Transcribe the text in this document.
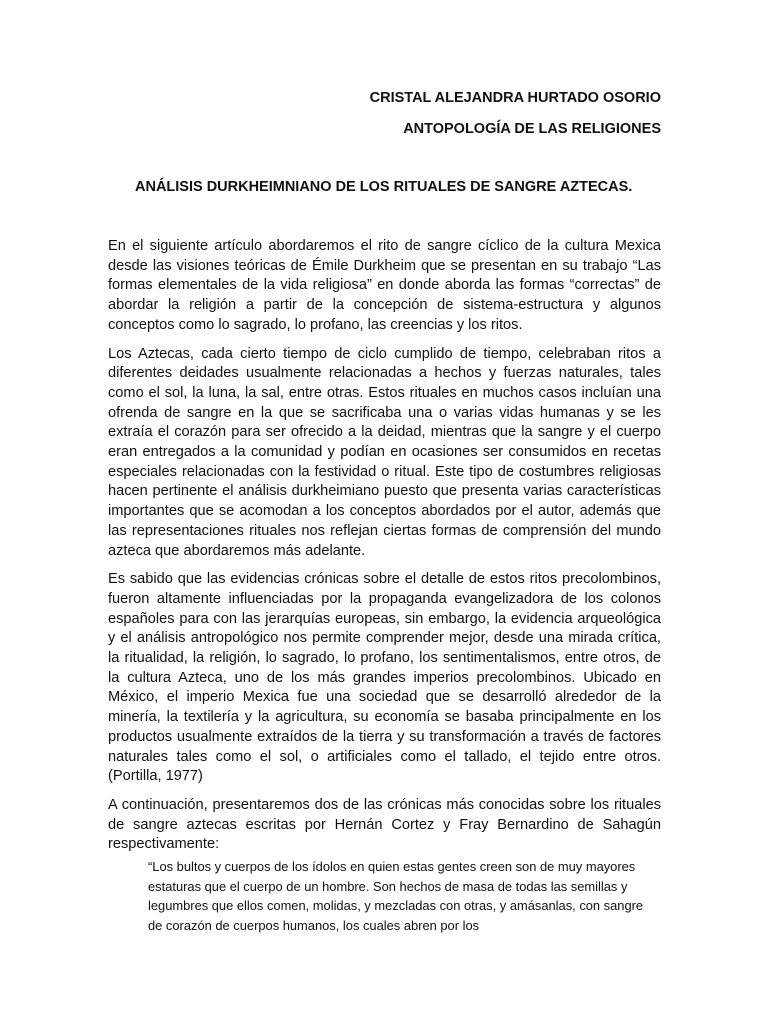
CRISTAL ALEJANDRA HURTADO OSORIO
ANTOPOLOGÍA DE LAS RELIGIONES
ANÁLISIS DURKHEIMNIANO DE LOS RITUALES DE SANGRE AZTECAS.

En el siguiente artículo abordaremos el rito de sangre cíclico de la cultura Mexica desde las visiones teóricas de Émile Durkheim que se presentan en su trabajo “Las formas elementales de la vida religiosa” en donde aborda las formas “correctas” de abordar la religión a partir de la concepción de sistema-estructura y algunos conceptos como lo sagrado, lo profano, las creencias y los ritos.

Los Aztecas, cada cierto tiempo de ciclo cumplido de tiempo, celebraban ritos a diferentes deidades usualmente relacionadas a hechos y fuerzas naturales, tales como el sol, la luna, la sal, entre otras. Estos rituales en muchos casos incluían una ofrenda de sangre en la que se sacrificaba una o varias vidas humanas y se les extraía el corazón para ser ofrecido a la deidad, mientras que la sangre y el cuerpo eran entregados a la comunidad y podían en ocasiones ser consumidos en recetas especiales relacionadas con la festividad o ritual. Este tipo de costumbres religiosas hacen pertinente el análisis durkheimiano puesto que presenta varias características importantes que se acomodan a los conceptos abordados por el autor, además que las representaciones rituales nos reflejan ciertas formas de comprensión del mundo azteca que abordaremos más adelante.

Es sabido que las evidencias crónicas sobre el detalle de estos ritos precolombinos, fueron altamente influenciadas por la propaganda evangelizadora de los colonos españoles para con las jerarquías europeas, sin embargo, la evidencia arqueológica y el análisis antropológico nos permite comprender mejor, desde una mirada crítica, la ritualidad, la religión, lo sagrado, lo profano, los sentimentalismos, entre otros, de la cultura Azteca, uno de los más grandes imperios precolombinos. Ubicado en México, el imperio Mexica fue una sociedad que se desarrolló alrededor de la minería, la textilería y la agricultura, su economía se basaba principalmente en los productos usualmente extraídos de la tierra y su transformación a través de factores naturales tales como el sol, o artificiales como el tallado, el tejido entre otros. (Portilla, 1977)

A continuación, presentaremos dos de las crónicas más conocidas sobre los rituales de sangre aztecas escritas por Hernán Cortez y Fray Bernardino de Sahagún respectivamente:

“Los bultos y cuerpos de los ídolos en quien estas gentes creen son de muy mayores estaturas que el cuerpo de un hombre. Son hechos de masa de todas las semillas y legumbres que ellos comen, molidas, y mezcladas con otras, y amásanlas, con sangre de corazón de cuerpos humanos, los cuales abren por los
